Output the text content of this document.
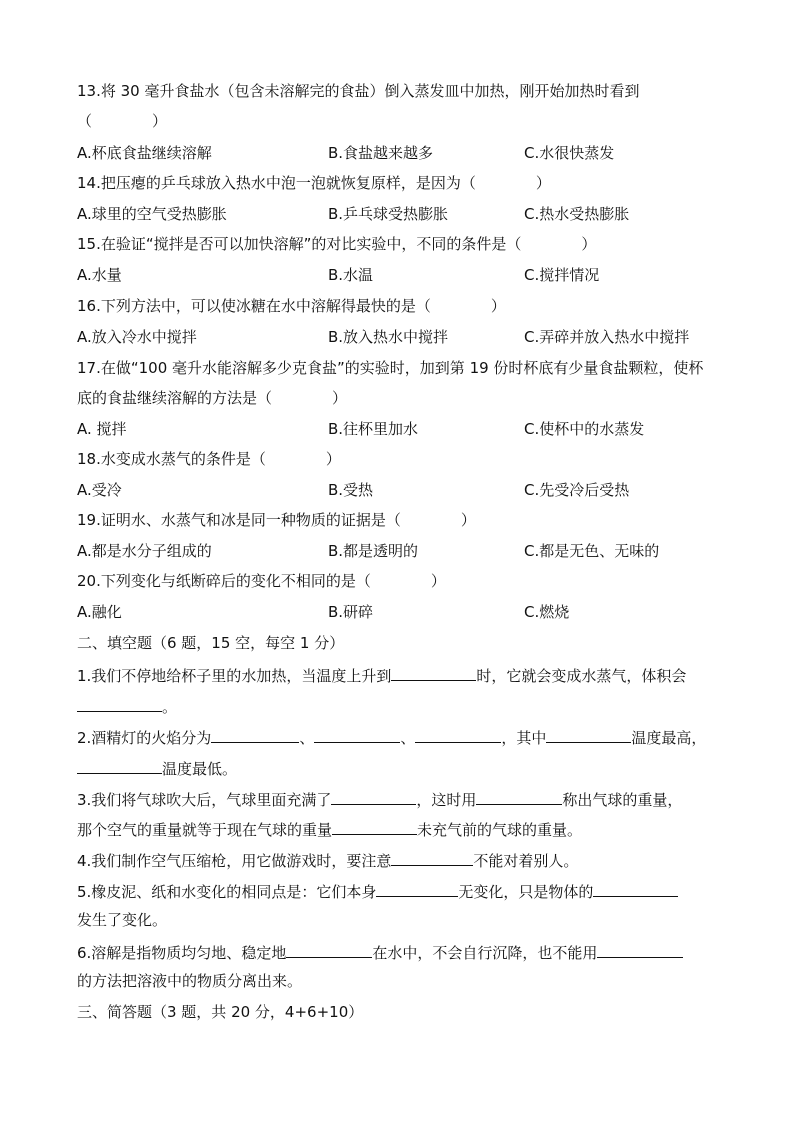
13.将 30 毫升食盐水（包含未溶解完的食盐）倒入蒸发皿中加热，刚开始加热时看到
（　　　　）
A.杯底食盐继续溶解	B.食盐越来越多	C.水很快蒸发
14.把压瘪的乒乓球放入热水中泡一泡就恢复原样，是因为（　　　　）
A.球里的空气受热膨胀	B.乒乓球受热膨胀	C.热水受热膨胀
15.在验证“搅拌是否可以加快溶解”的对比实验中，不同的条件是（　　　　）
A.水量	B.水温	C.搅拌情况
16.下列方法中，可以使冰糖在水中溶解得最快的是（　　　　）
A.放入冷水中搅拌	B.放入热水中搅拌	C.弄碎并放入热水中搅拌
17.在做“100 毫升水能溶解多少克食盐”的实验时，加到第 19 份时杯底有少量食盐颗粒，使杯
底的食盐继续溶解的方法是（　　　　）
A. 搅拌	B.往杯里加水	C.使杯中的水蒸发
18.水变成水蒸气的条件是（　　　　）
A.受冷	B.受热	C.先受冷后受热
19.证明水、水蒸气和冰是同一种物质的证据是（　　　　）
A.都是水分子组成的	B.都是透明的	C.都是无色、无味的
20.下列变化与纸断碎后的变化不相同的是（　　　　）
A.融化	B.研碎	C.燃烧
二、填空题（6 题，15 空，每空 1 分）
1.我们不停地给杯子里的水加热，当温度上升到	时，它就会变成水蒸气，体积会
。
2.酒精灯的火焰分为	、	、	，其中	温度最高，
温度最低。
3.我们将气球吹大后，气球里面充满了	，这时用	称出气球的重量，
那个空气的重量就等于现在气球的重量	未充气前的气球的重量。
4.我们制作空气压缩枪，用它做游戏时，要注意	不能对着别人。
5.橡皮泥、纸和水变化的相同点是：它们本身	无变化，只是物体的
发生了变化。
6.溶解是指物质均匀地、稳定地	在水中，不会自行沉降，也不能用
的方法把溶液中的物质分离出来。
三、简答题（3 题，共 20 分，4+6+10）
